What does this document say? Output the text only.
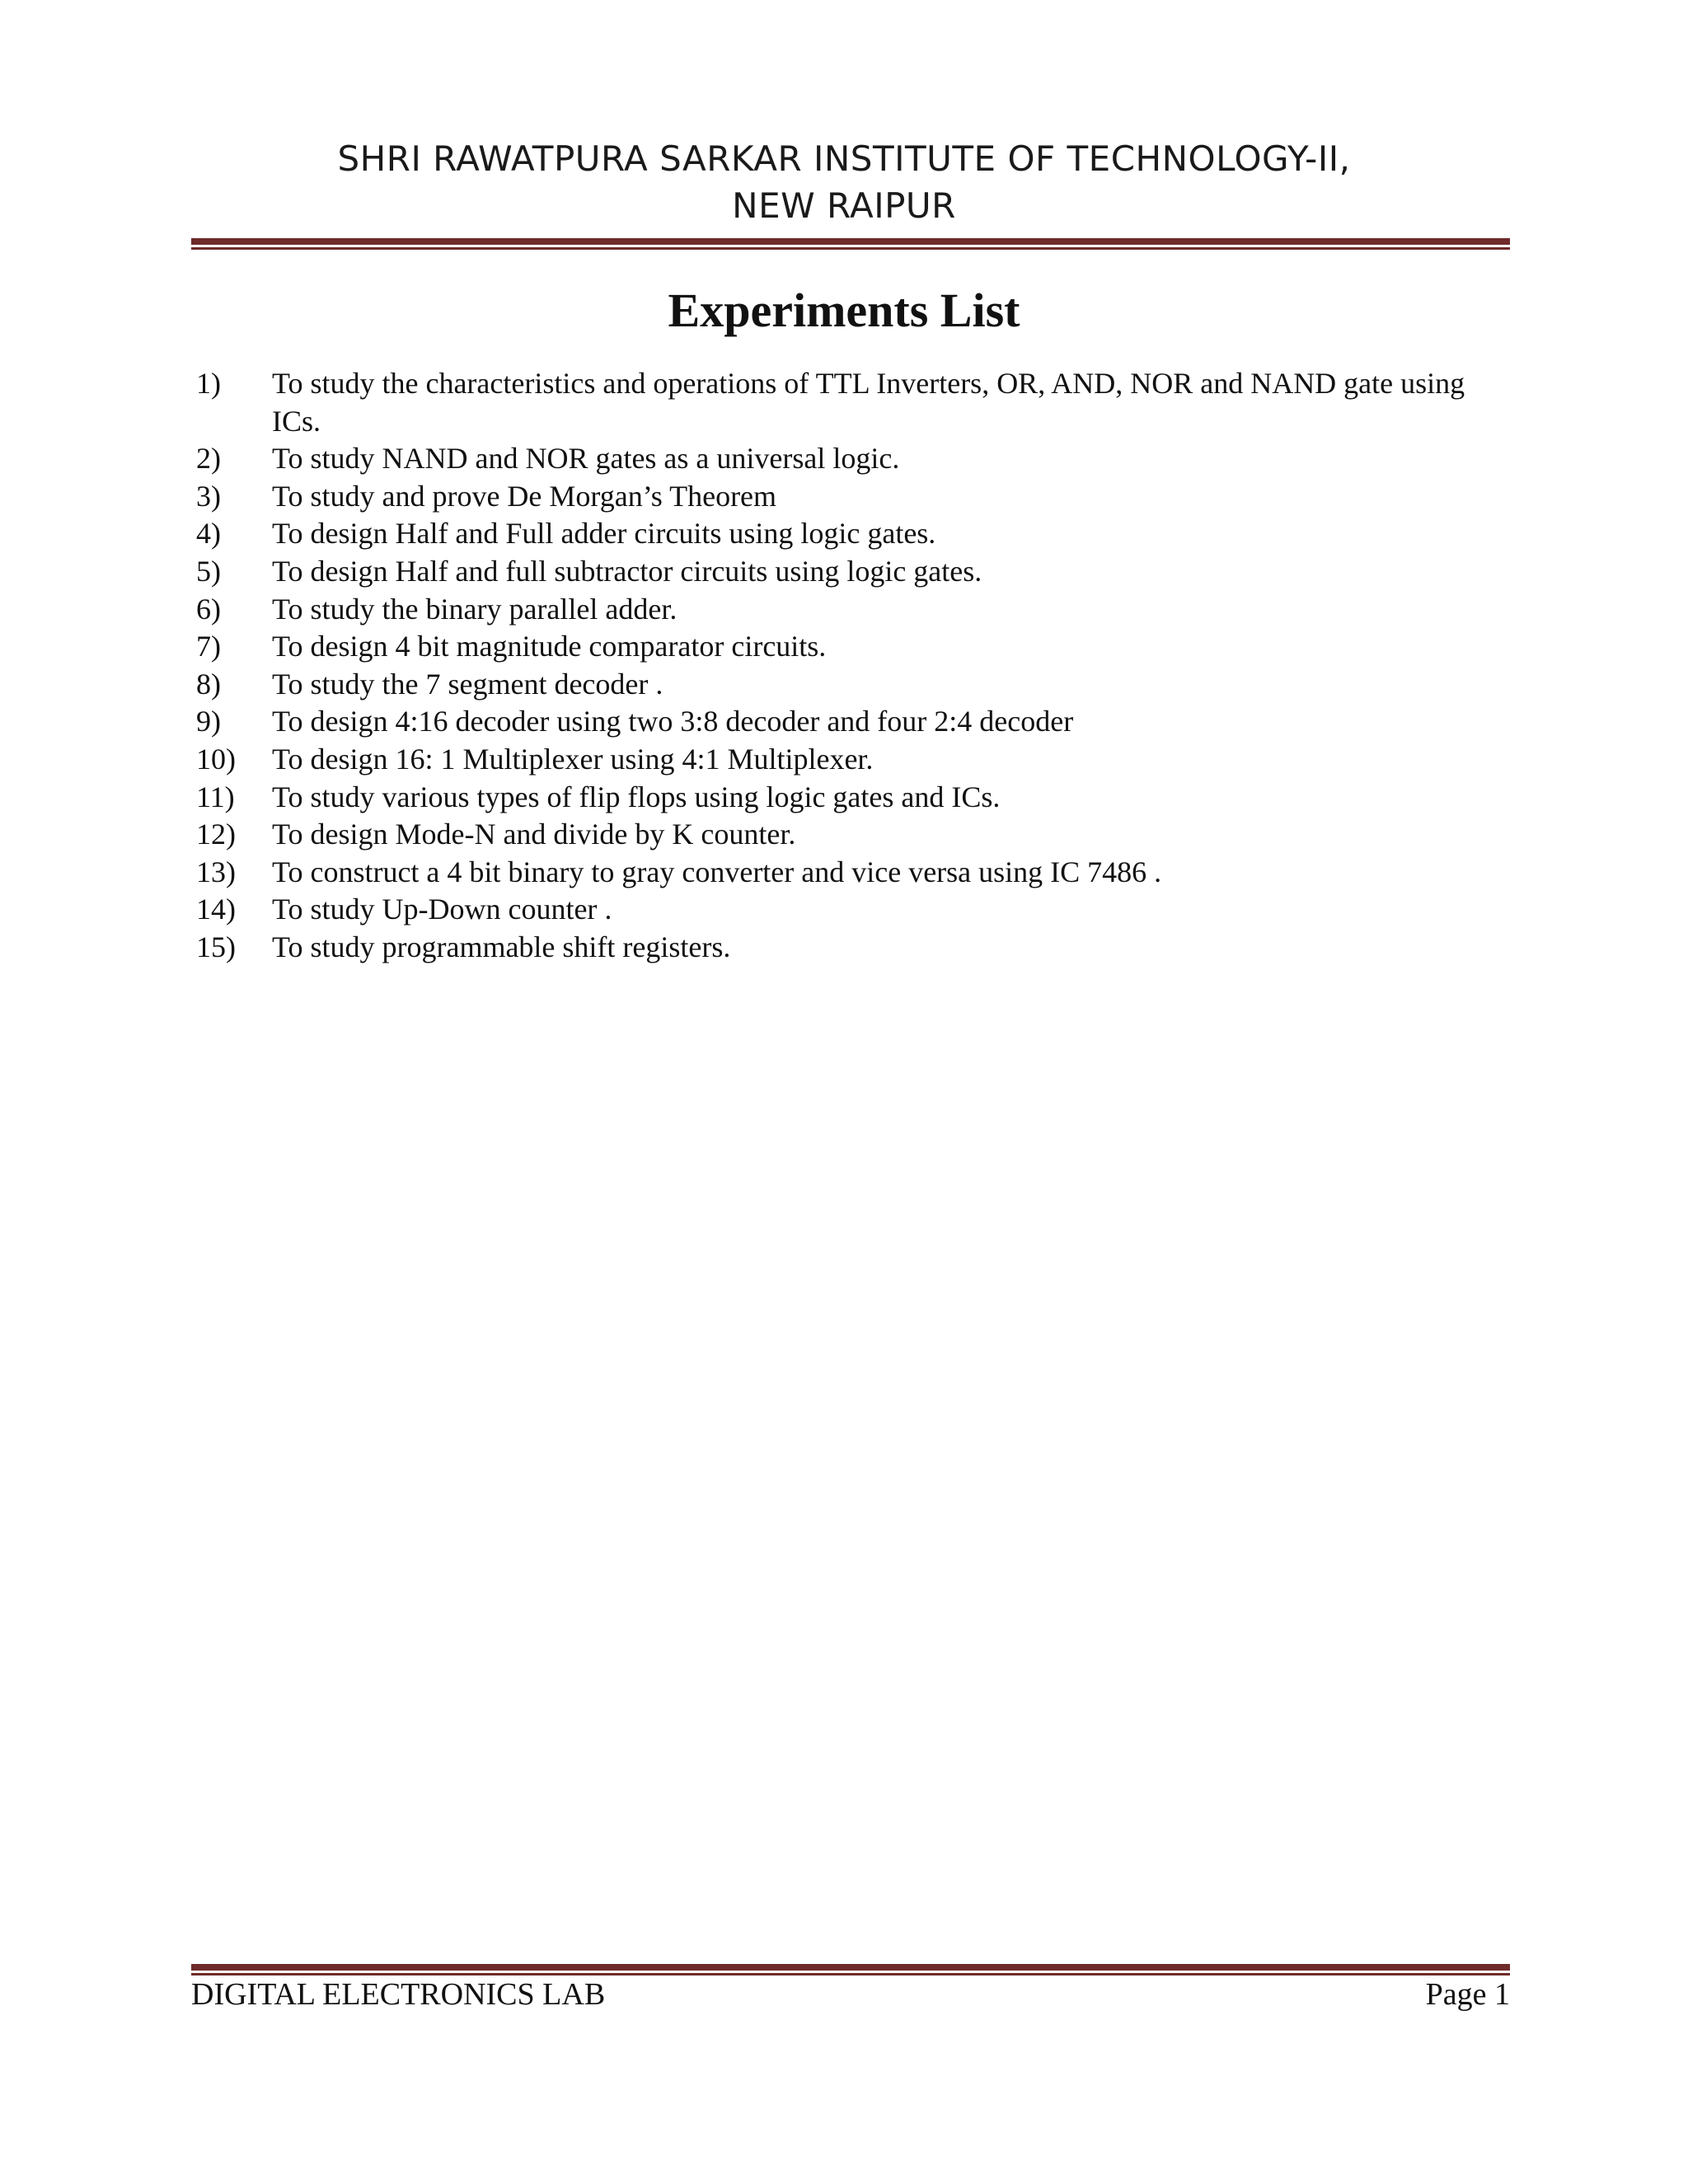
SHRI RAWATPURA SARKAR INSTITUTE OF TECHNOLOGY-II,
NEW RAIPUR
Experiments List
1) To study the characteristics and operations of TTL Inverters, OR, AND, NOR and NAND gate using ICs.
2) To study NAND and NOR gates as a universal logic.
3) To study and prove De Morgan’s Theorem
4) To design Half and Full adder circuits using logic gates.
5) To design Half and full subtractor circuits using logic gates.
6) To study the binary parallel adder.
7) To design 4 bit magnitude comparator circuits.
8) To study the 7 segment decoder .
9) To design 4:16 decoder using two 3:8 decoder and four 2:4 decoder
10) To design 16: 1 Multiplexer using 4:1 Multiplexer.
11) To study various types of flip flops using logic gates and ICs.
12) To design Mode-N and divide by K counter.
13) To construct a 4 bit binary to gray converter and vice versa using IC 7486 .
14) To study Up-Down counter .
15) To study programmable shift registers.
DIGITAL ELECTRONICS LAB	Page 1
